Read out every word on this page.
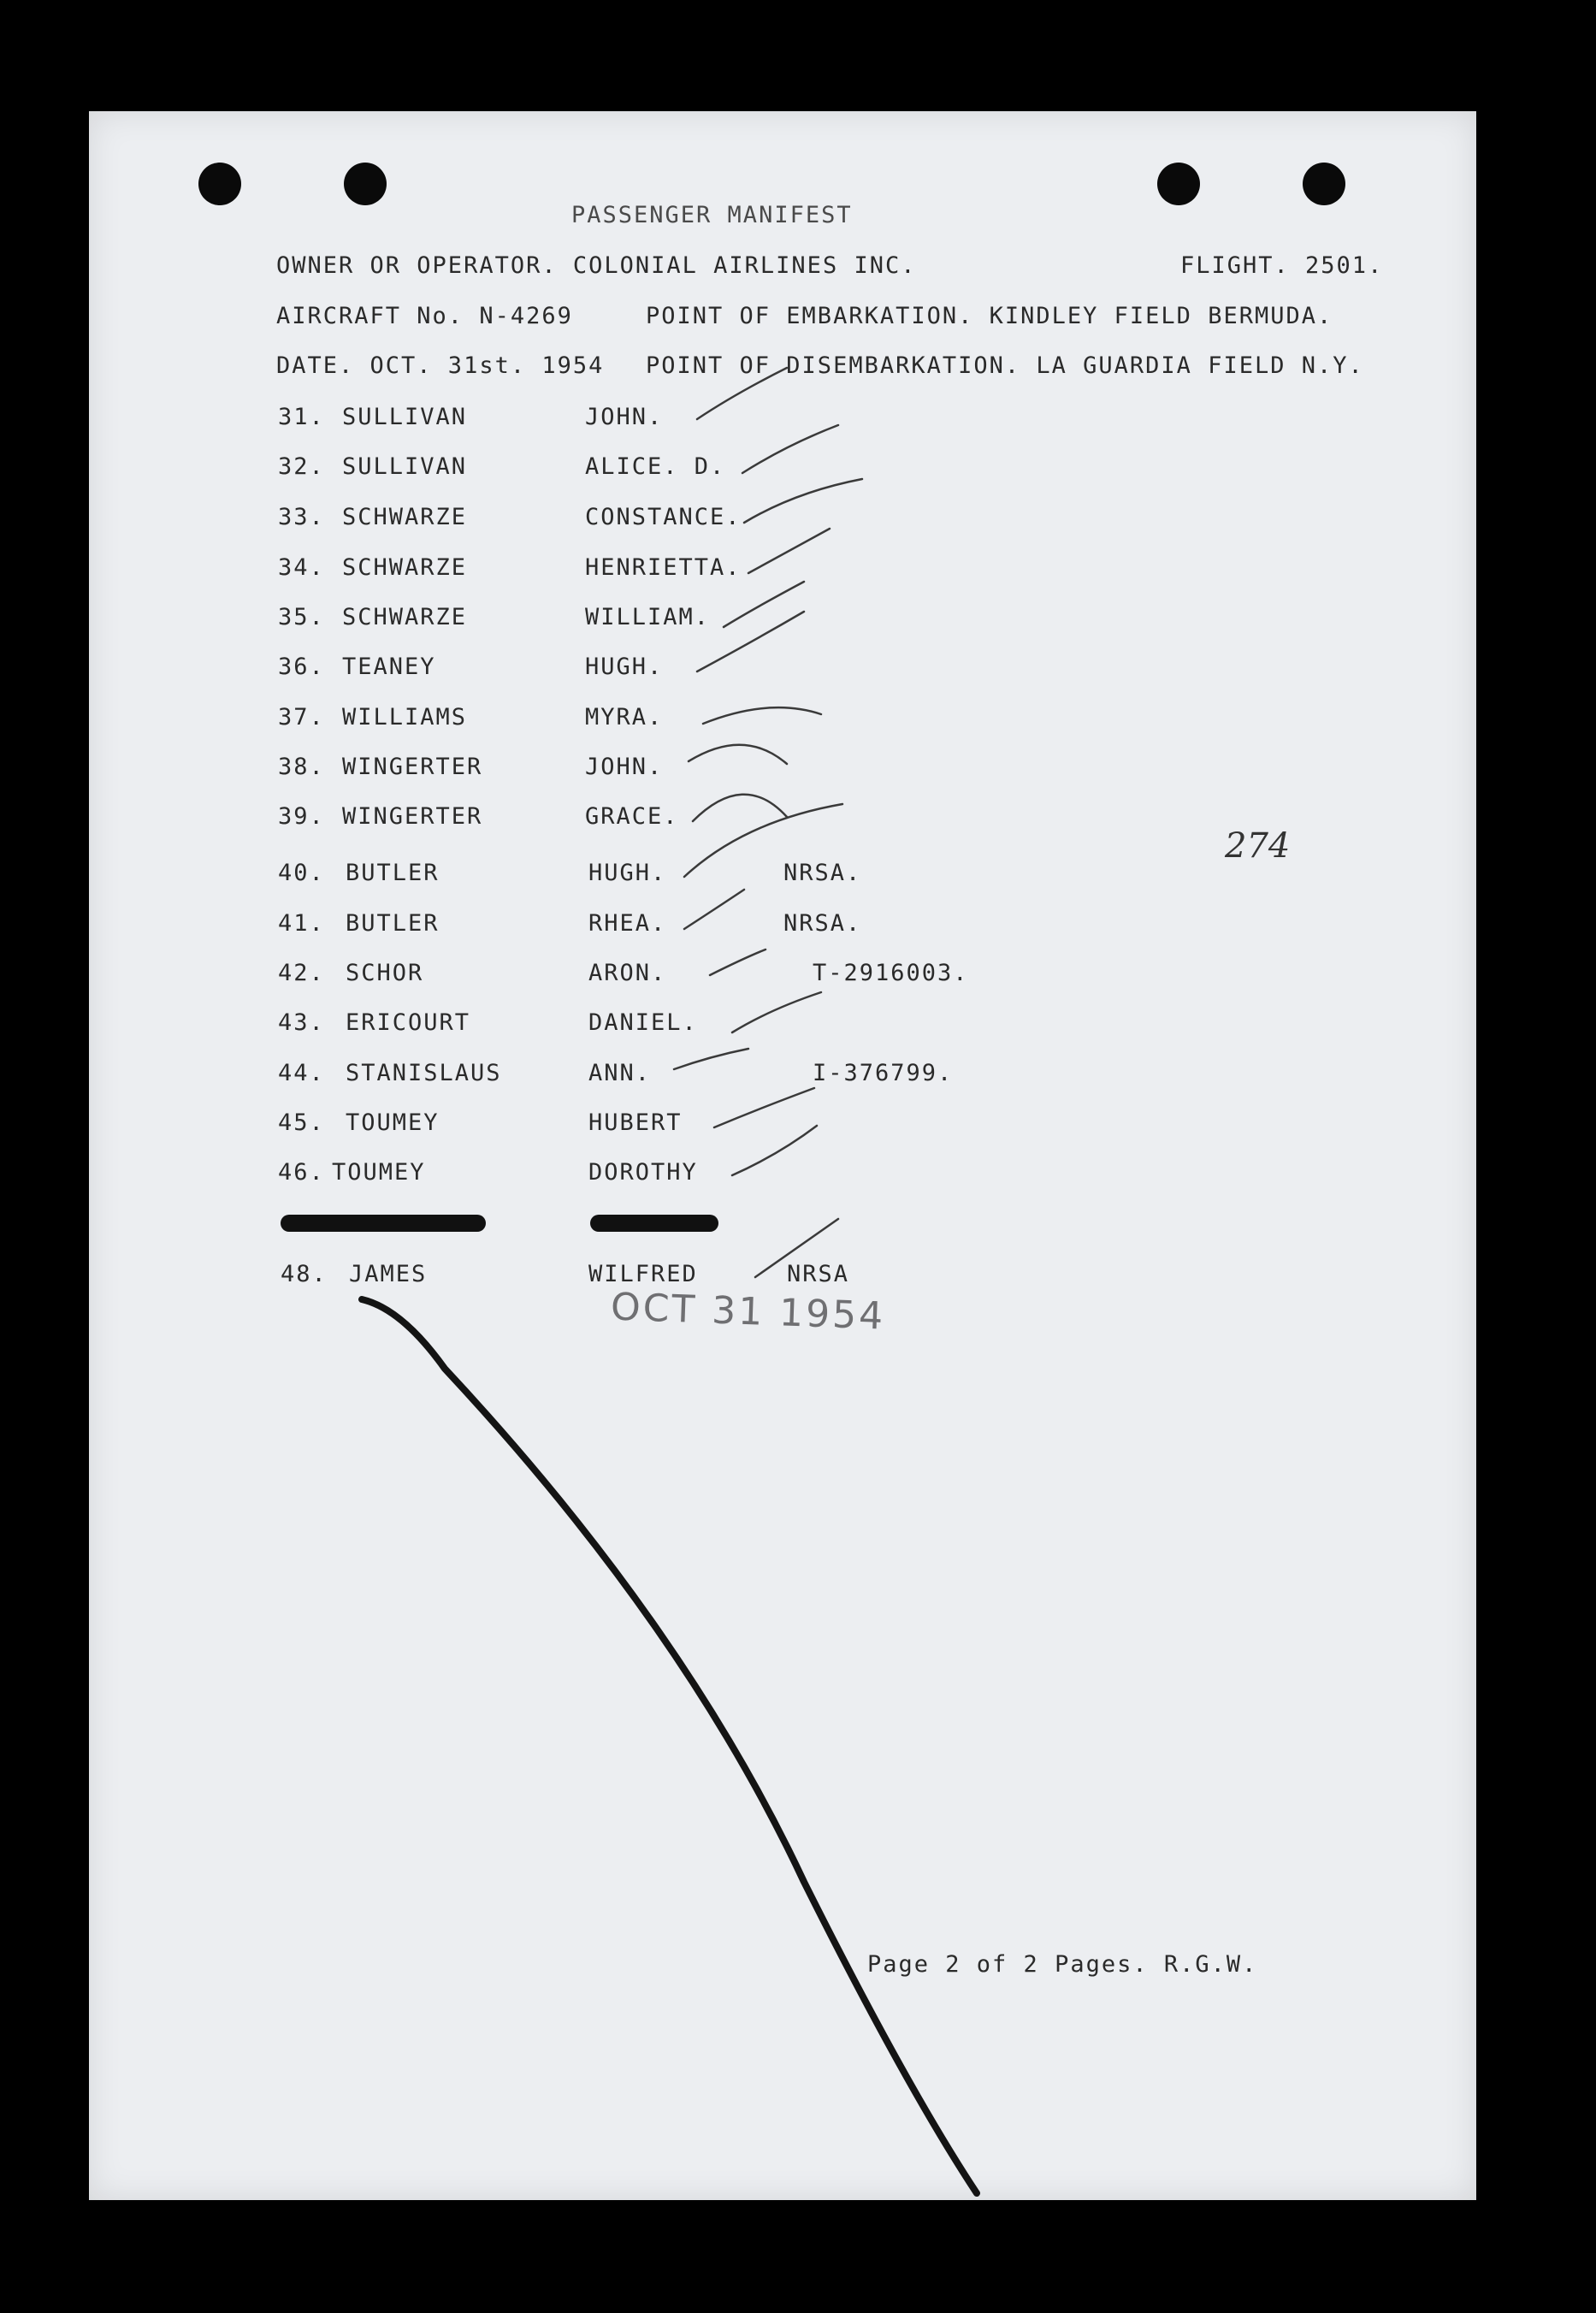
PASSENGER MANIFEST
OWNER OR OPERATOR. COLONIAL AIRLINES INC.	FLIGHT. 2501.
AIRCRAFT No. N-4269	POINT OF EMBARKATION. KINDLEY FIELD BERMUDA.
DATE. OCT. 31st. 1954 POINT OF DISEMBARKATION. LA GUARDIA FIELD N.Y.
31. SULLIVAN	JOHN.
32. SULLIVAN	ALICE. D.
33. SCHWARZE	CONSTANCE.
34. SCHWARZE	HENRIETTA.
35. SCHWARZE	WILLIAM.
36. TEANEY	HUGH.
37. WILLIAMS	MYRA.
38. WINGERTER	JOHN.
39. WINGERTER	GRACE.
40. BUTLER	HUGH.	NRSA.
41. BUTLER	RHEA.	NRSA.
42. SCHOR	ARON.	T-2916003.
43. ERICOURT	DANIEL.
44. STANISLAUS	ANN.	I-376799.
45. TOUMEY	HUBERT
46. TOUMEY	DOROTHY
48. JAMES	WILFRED	NRSA
274
OCT 31 1954
Page 2 of 2 Pages. R.G.W.
